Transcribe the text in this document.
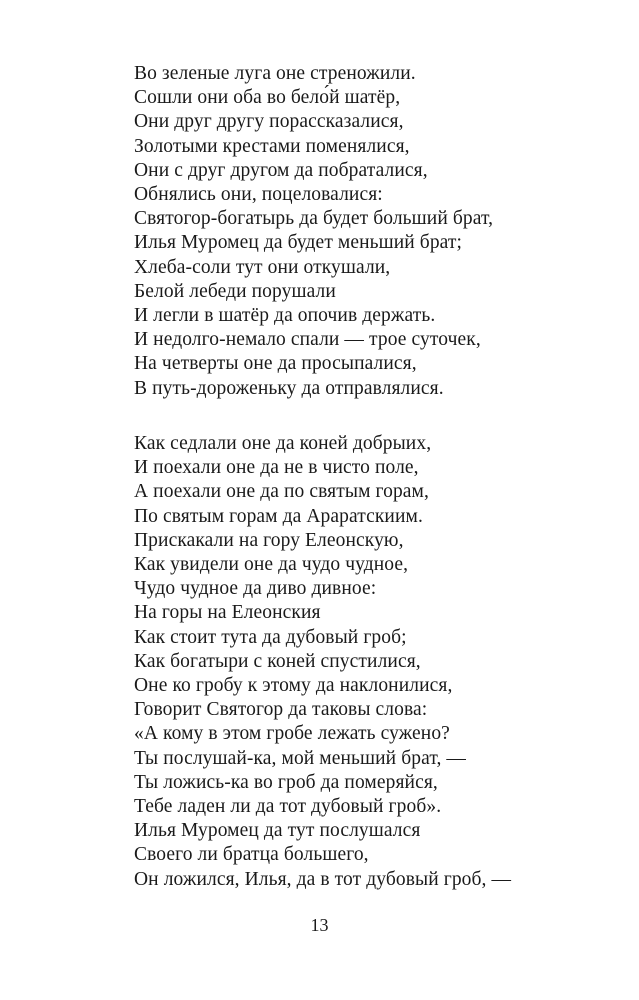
Во зеленые луга оне стреножили.
Сошли они оба во бело́й шатёр,
Они друг другу порассказалися,
Золотыми крестами поменялися,
Они с друг другом да побраталися,
Обнялись они, поцеловалися:
Святогор-богатырь да будет больший брат,
Илья Муромец да будет меньший брат;
Хлеба-соли тут они откушали,
Белой лебеди порушали
И легли в шатёр да опочив держать.
И недолго-немало спали — трое суточек,
На четверты оне да просыпалися,
В путь-дороженьку да отправлялися.
Как седлали оне да коней добрыих,
И поехали оне да не в чисто поле,
А поехали оне да по святым горам,
По святым горам да Араратскиим.
Прискакали на гору Елеонскую,
Как увидели оне да чудо чудное,
Чудо чудное да диво дивное:
На горы на Елеонския
Как стоит тута да дубовый гроб;
Как богатыри с коней спустилися,
Оне ко гробу к этому да наклонилися,
Говорит Святогор да таковы слова:
«А кому в этом гробе лежать сужено?
Ты послушай-ка, мой меньший брат, —
Ты ложись-ка во гроб да померяйся,
Тебе ладен ли да тот дубовый гроб».
Илья Муромец да тут послушался
Своего ли братца большего,
Он ложился, Илья, да в тот дубовый гроб, —
13
